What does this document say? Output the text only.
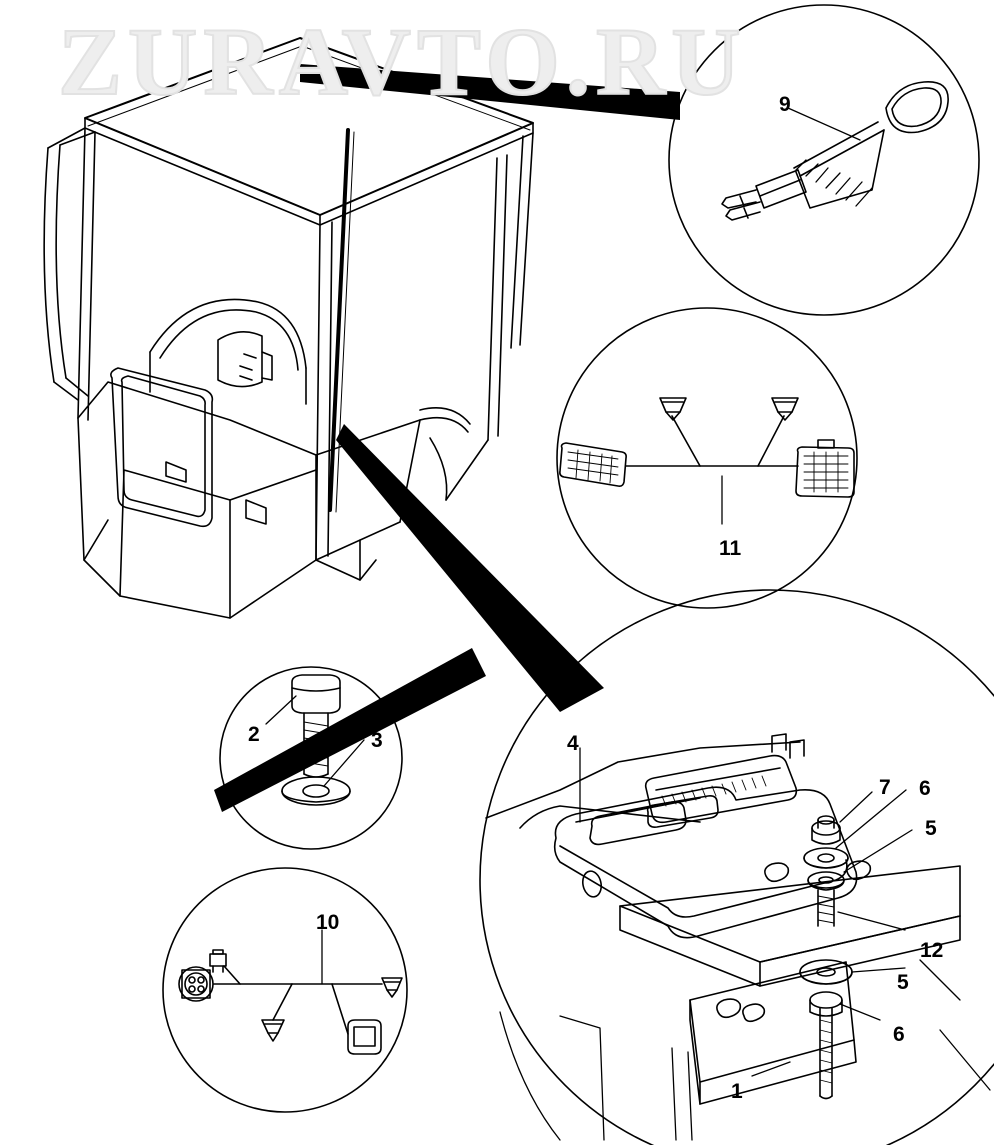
ZURAVTO.RU
1
2	3	4
5
5
6
6
7
9
10
11
12
